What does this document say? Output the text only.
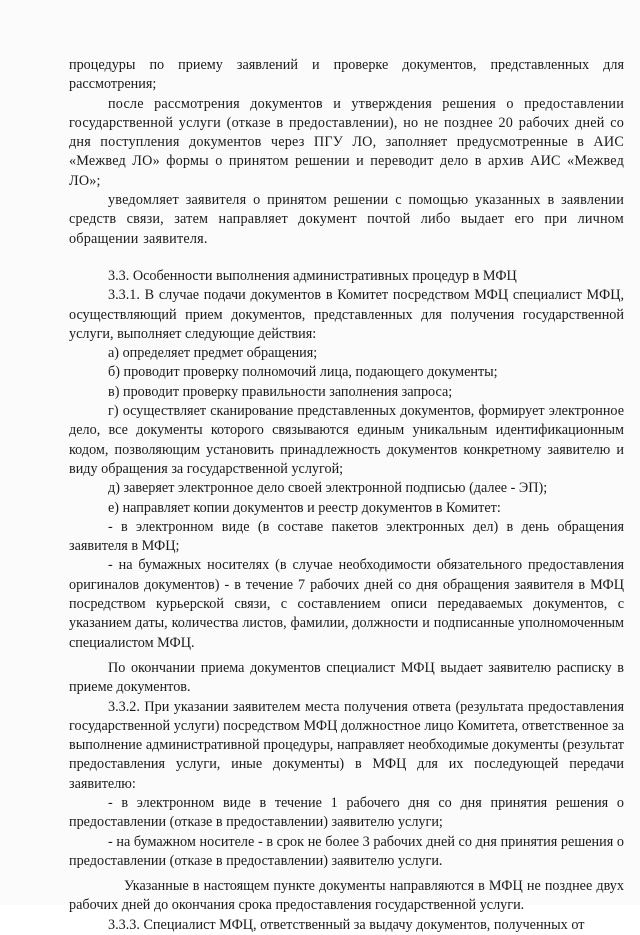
процедуры по приему заявлений и проверке документов, представленных для рассмотрения;

после рассмотрения документов и утверждения решения о предоставлении государственной услуги (отказе в предоставлении), но не позднее 20 рабочих дней со дня поступления документов через ПГУ ЛО, заполняет предусмотренные в АИС «Межвед ЛО» формы о принятом решении и переводит дело в архив АИС «Межвед ЛО»;

уведомляет заявителя о принятом решении с помощью указанных в заявлении средств связи, затем направляет документ почтой либо выдает его при личном обращении заявителя.

3.3. Особенности выполнения административных процедур в МФЦ

3.3.1. В случае подачи документов в Комитет посредством МФЦ специалист МФЦ, осуществляющий прием документов, представленных для получения государственной услуги, выполняет следующие действия:

а) определяет предмет обращения;

б) проводит проверку полномочий лица, подающего документы;

в) проводит проверку правильности заполнения запроса;

г) осуществляет сканирование представленных документов, формирует электронное дело, все документы которого связываются единым уникальным идентификационным кодом, позволяющим установить принадлежность документов конкретному заявителю и виду обращения за государственной услугой;

д) заверяет электронное дело своей электронной подписью (далее - ЭП);

е) направляет копии документов и реестр документов в Комитет:

- в электронном виде (в составе пакетов электронных дел) в день обращения заявителя в МФЦ;

- на бумажных носителях (в случае необходимости обязательного предоставления оригиналов документов) - в течение 7 рабочих дней со дня обращения заявителя в МФЦ посредством курьерской связи, с составлением описи передаваемых документов, с указанием даты, количества листов, фамилии, должности и подписанные уполномоченным специалистом МФЦ.

По окончании приема документов специалист МФЦ выдает заявителю расписку в приеме документов.

3.3.2. При указании заявителем места получения ответа (результата предоставления государственной услуги) посредством МФЦ должностное лицо Комитета, ответственное за выполнение административной процедуры, направляет необходимые документы (результат предоставления услуги, иные документы) в МФЦ для их последующей передачи заявителю:

- в электронном виде в течение 1 рабочего дня со дня принятия решения о предоставлении (отказе в предоставлении) заявителю услуги;

- на бумажном носителе - в срок не более 3 рабочих дней со дня принятия решения о предоставлении (отказе в предоставлении) заявителю услуги.

Указанные в настоящем пункте документы направляются в МФЦ не позднее двух рабочих дней до окончания срока предоставления государственной услуги.

3.3.3. Специалист МФЦ, ответственный за выдачу документов, полученных от
